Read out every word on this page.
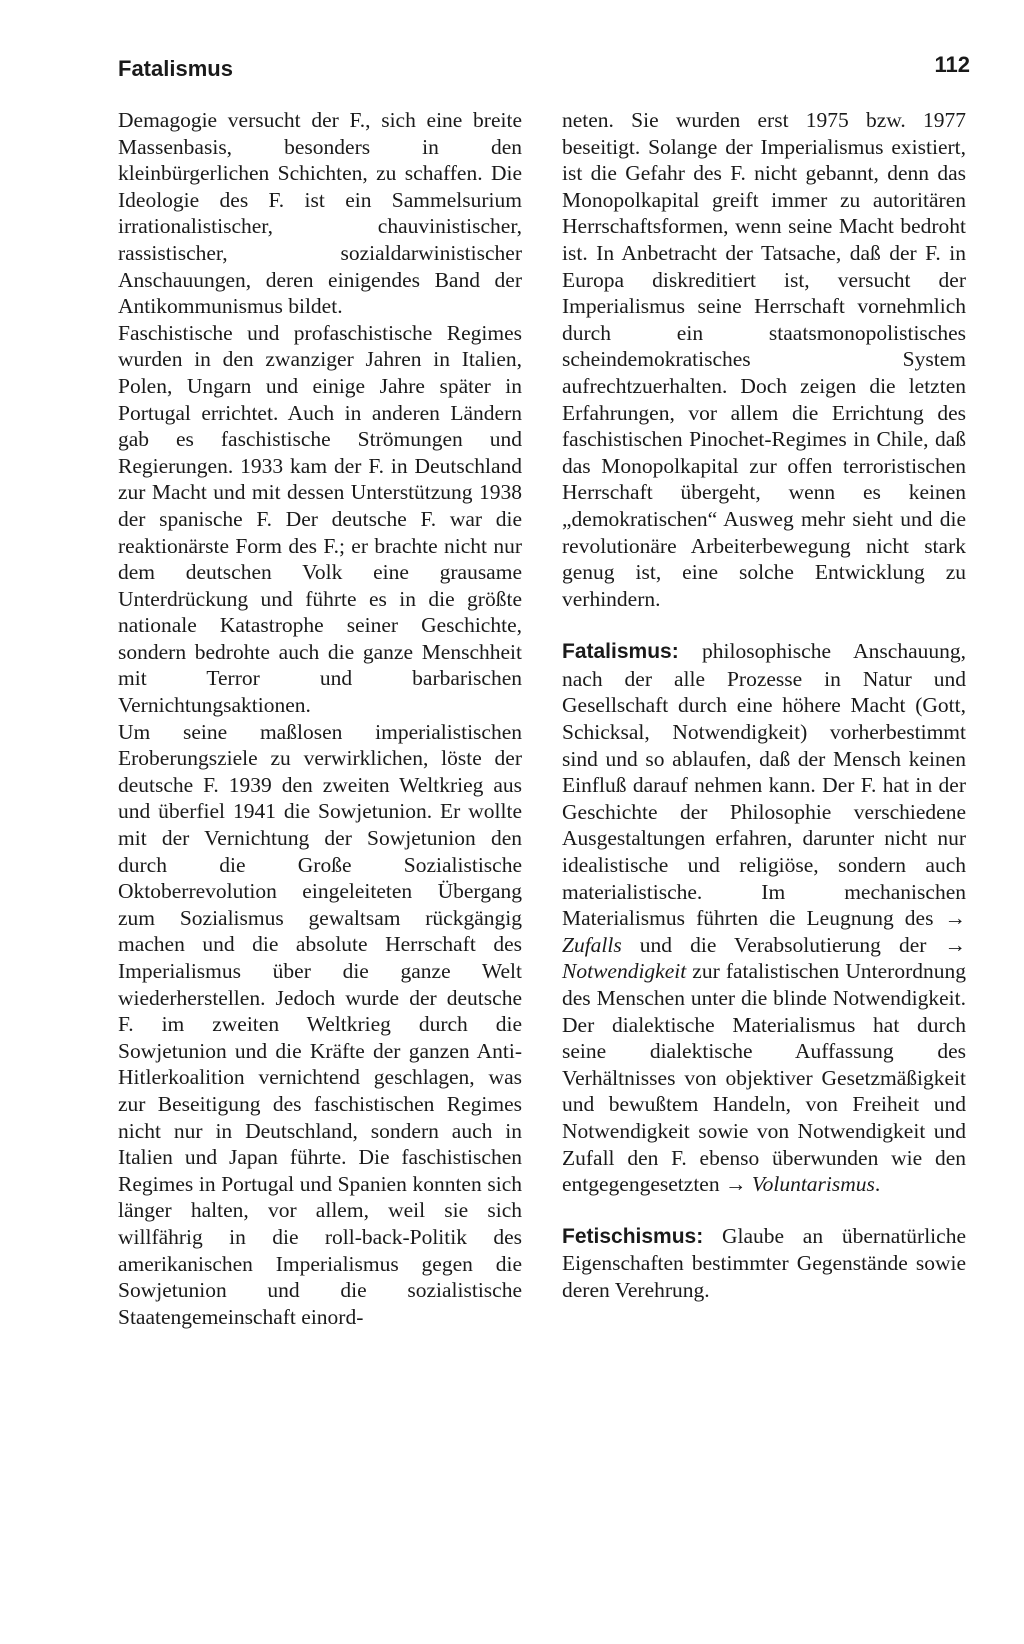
Fatalismus	112

Demagogie versucht der F., sich eine breite Massenbasis, besonders in den kleinbürgerlichen Schichten, zu schaffen. Die Ideologie des F. ist ein Sammelsurium irrationalistischer, chauvinistischer, rassistischer, sozialdarwinistischer Anschauungen, deren einigendes Band der Antikommunismus bildet.

Faschistische und profaschistische Regimes wurden in den zwanziger Jahren in Italien, Polen, Ungarn und einige Jahre später in Portugal errichtet. Auch in anderen Ländern gab es faschistische Strömungen und Regierungen. 1933 kam der F. in Deutschland zur Macht und mit dessen Unterstützung 1938 der spanische F. Der deutsche F. war die reaktionärste Form des F.; er brachte nicht nur dem deutschen Volk eine grausame Unterdrückung und führte es in die größte nationale Katastrophe seiner Geschichte, sondern bedrohte auch die ganze Menschheit mit Terror und barbarischen Vernichtungsaktionen.

Um seine maßlosen imperialistischen Eroberungsziele zu verwirklichen, löste der deutsche F. 1939 den zweiten Weltkrieg aus und überfiel 1941 die Sowjetunion. Er wollte mit der Vernichtung der Sowjetunion den durch die Große Sozialistische Oktoberrevolution eingeleiteten Übergang zum Sozialismus gewaltsam rückgängig machen und die absolute Herrschaft des Imperialismus über die ganze Welt wiederherstellen. Jedoch wurde der deutsche F. im zweiten Weltkrieg durch die Sowjetunion und die Kräfte der ganzen Anti-Hitlerkoalition vernichtend geschlagen, was zur Beseitigung des faschistischen Regimes nicht nur in Deutschland, sondern auch in Italien und Japan führte. Die faschistischen Regimes in Portugal und Spanien konnten sich länger halten, vor allem, weil sie sich willfährig in die roll-back-Politik des amerikanischen Imperialismus gegen die Sowjetunion und die sozialistische Staatengemeinschaft einord-

neten. Sie wurden erst 1975 bzw. 1977 beseitigt. Solange der Imperialismus existiert, ist die Gefahr des F. nicht gebannt, denn das Monopolkapital greift immer zu autoritären Herrschaftsformen, wenn seine Macht bedroht ist. In Anbetracht der Tatsache, daß der F. in Europa diskreditiert ist, versucht der Imperialismus seine Herrschaft vornehmlich durch ein staatsmonopolistisches scheindemokratisches System aufrechtzuerhalten. Doch zeigen die letzten Erfahrungen, vor allem die Errichtung des faschistischen Pinochet-Regimes in Chile, daß das Monopolkapital zur offen terroristischen Herrschaft übergeht, wenn es keinen „demokratischen“ Ausweg mehr sieht und die revolutionäre Arbeiterbewegung nicht stark genug ist, eine solche Entwicklung zu verhindern.

Fatalismus: philosophische Anschauung, nach der alle Prozesse in Natur und Gesellschaft durch eine höhere Macht (Gott, Schicksal, Notwendigkeit) vorherbestimmt sind und so ablaufen, daß der Mensch keinen Einfluß darauf nehmen kann. Der F. hat in der Geschichte der Philosophie verschiedene Ausgestaltungen erfahren, darunter nicht nur idealistische und religiöse, sondern auch materialistische. Im mechanischen Materialismus führten die Leugnung des → Zufalls und die Verabsolutierung der → Notwendigkeit zur fatalistischen Unterordnung des Menschen unter die blinde Notwendigkeit. Der dialektische Materialismus hat durch seine dialektische Auffassung des Verhältnisses von objektiver Gesetzmäßigkeit und bewußtem Handeln, von Freiheit und Notwendigkeit sowie von Notwendigkeit und Zufall den F. ebenso überwunden wie den entgegengesetzten → Voluntarismus.

Fetischismus: Glaube an übernatürliche Eigenschaften bestimmter Gegenstände sowie deren Verehrung.
